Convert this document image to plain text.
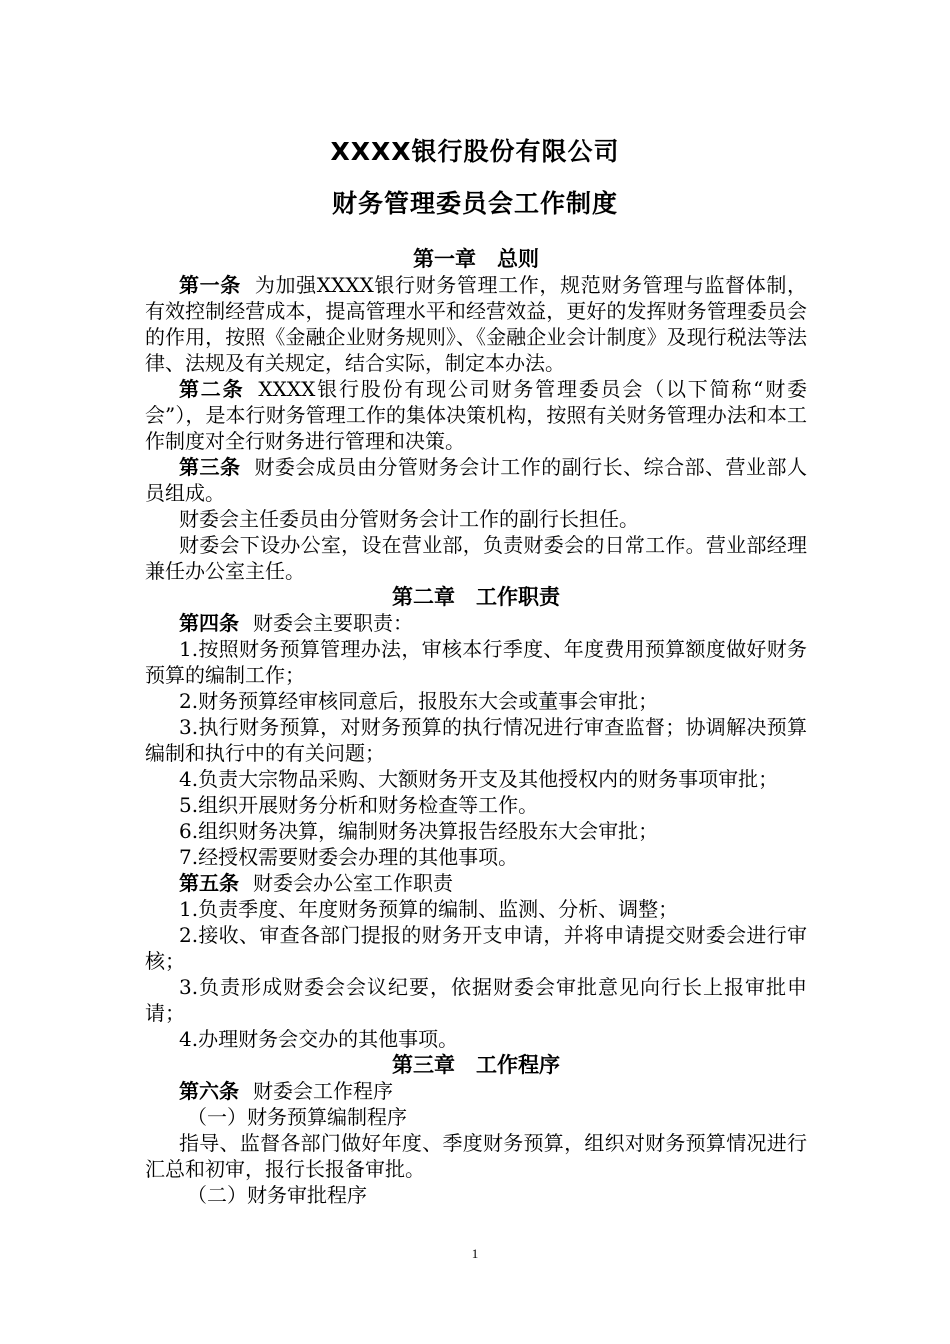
XXXX银行股份有限公司
财务管理委员会工作制度

第一章　总则

第一条 为加强XXXX银行财务管理工作，规范财务管理与监督体制，有效控制经营成本，提高管理水平和经营效益，更好的发挥财务管理委员会的作用，按照《金融企业财务规则》、《金融企业会计制度》及现行税法等法律、法规及有关规定，结合实际，制定本办法。

第二条 XXXX银行股份有现公司财务管理委员会（以下简称“财委会”），是本行财务管理工作的集体决策机构，按照有关财务管理办法和本工作制度对全行财务进行管理和决策。

第三条 财委会成员由分管财务会计工作的副行长、综合部、营业部人员组成。

财委会主任委员由分管财务会计工作的副行长担任。

财委会下设办公室，设在营业部，负责财委会的日常工作。营业部经理兼任办公室主任。

第二章　工作职责

第四条 财委会主要职责：

1.按照财务预算管理办法，审核本行季度、年度费用预算额度做好财务预算的编制工作；

2.财务预算经审核同意后，报股东大会或董事会审批；

3.执行财务预算，对财务预算的执行情况进行审查监督；协调解决预算编制和执行中的有关问题；

4.负责大宗物品采购、大额财务开支及其他授权内的财务事项审批；

5.组织开展财务分析和财务检查等工作。

6.组织财务决算，编制财务决算报告经股东大会审批；

7.经授权需要财委会办理的其他事项。

第五条 财委会办公室工作职责

1.负责季度、年度财务预算的编制、监测、分析、调整；

2.接收、审查各部门提报的财务开支申请，并将申请提交财委会进行审核；

3.负责形成财委会会议纪要，依据财委会审批意见向行长上报审批申请；

4.办理财务会交办的其他事项。

第三章　工作程序

第六条 财委会工作程序

（一）财务预算编制程序

指导、监督各部门做好年度、季度财务预算，组织对财务预算情况进行汇总和初审，报行长报备审批。

（二）财务审批程序

1
